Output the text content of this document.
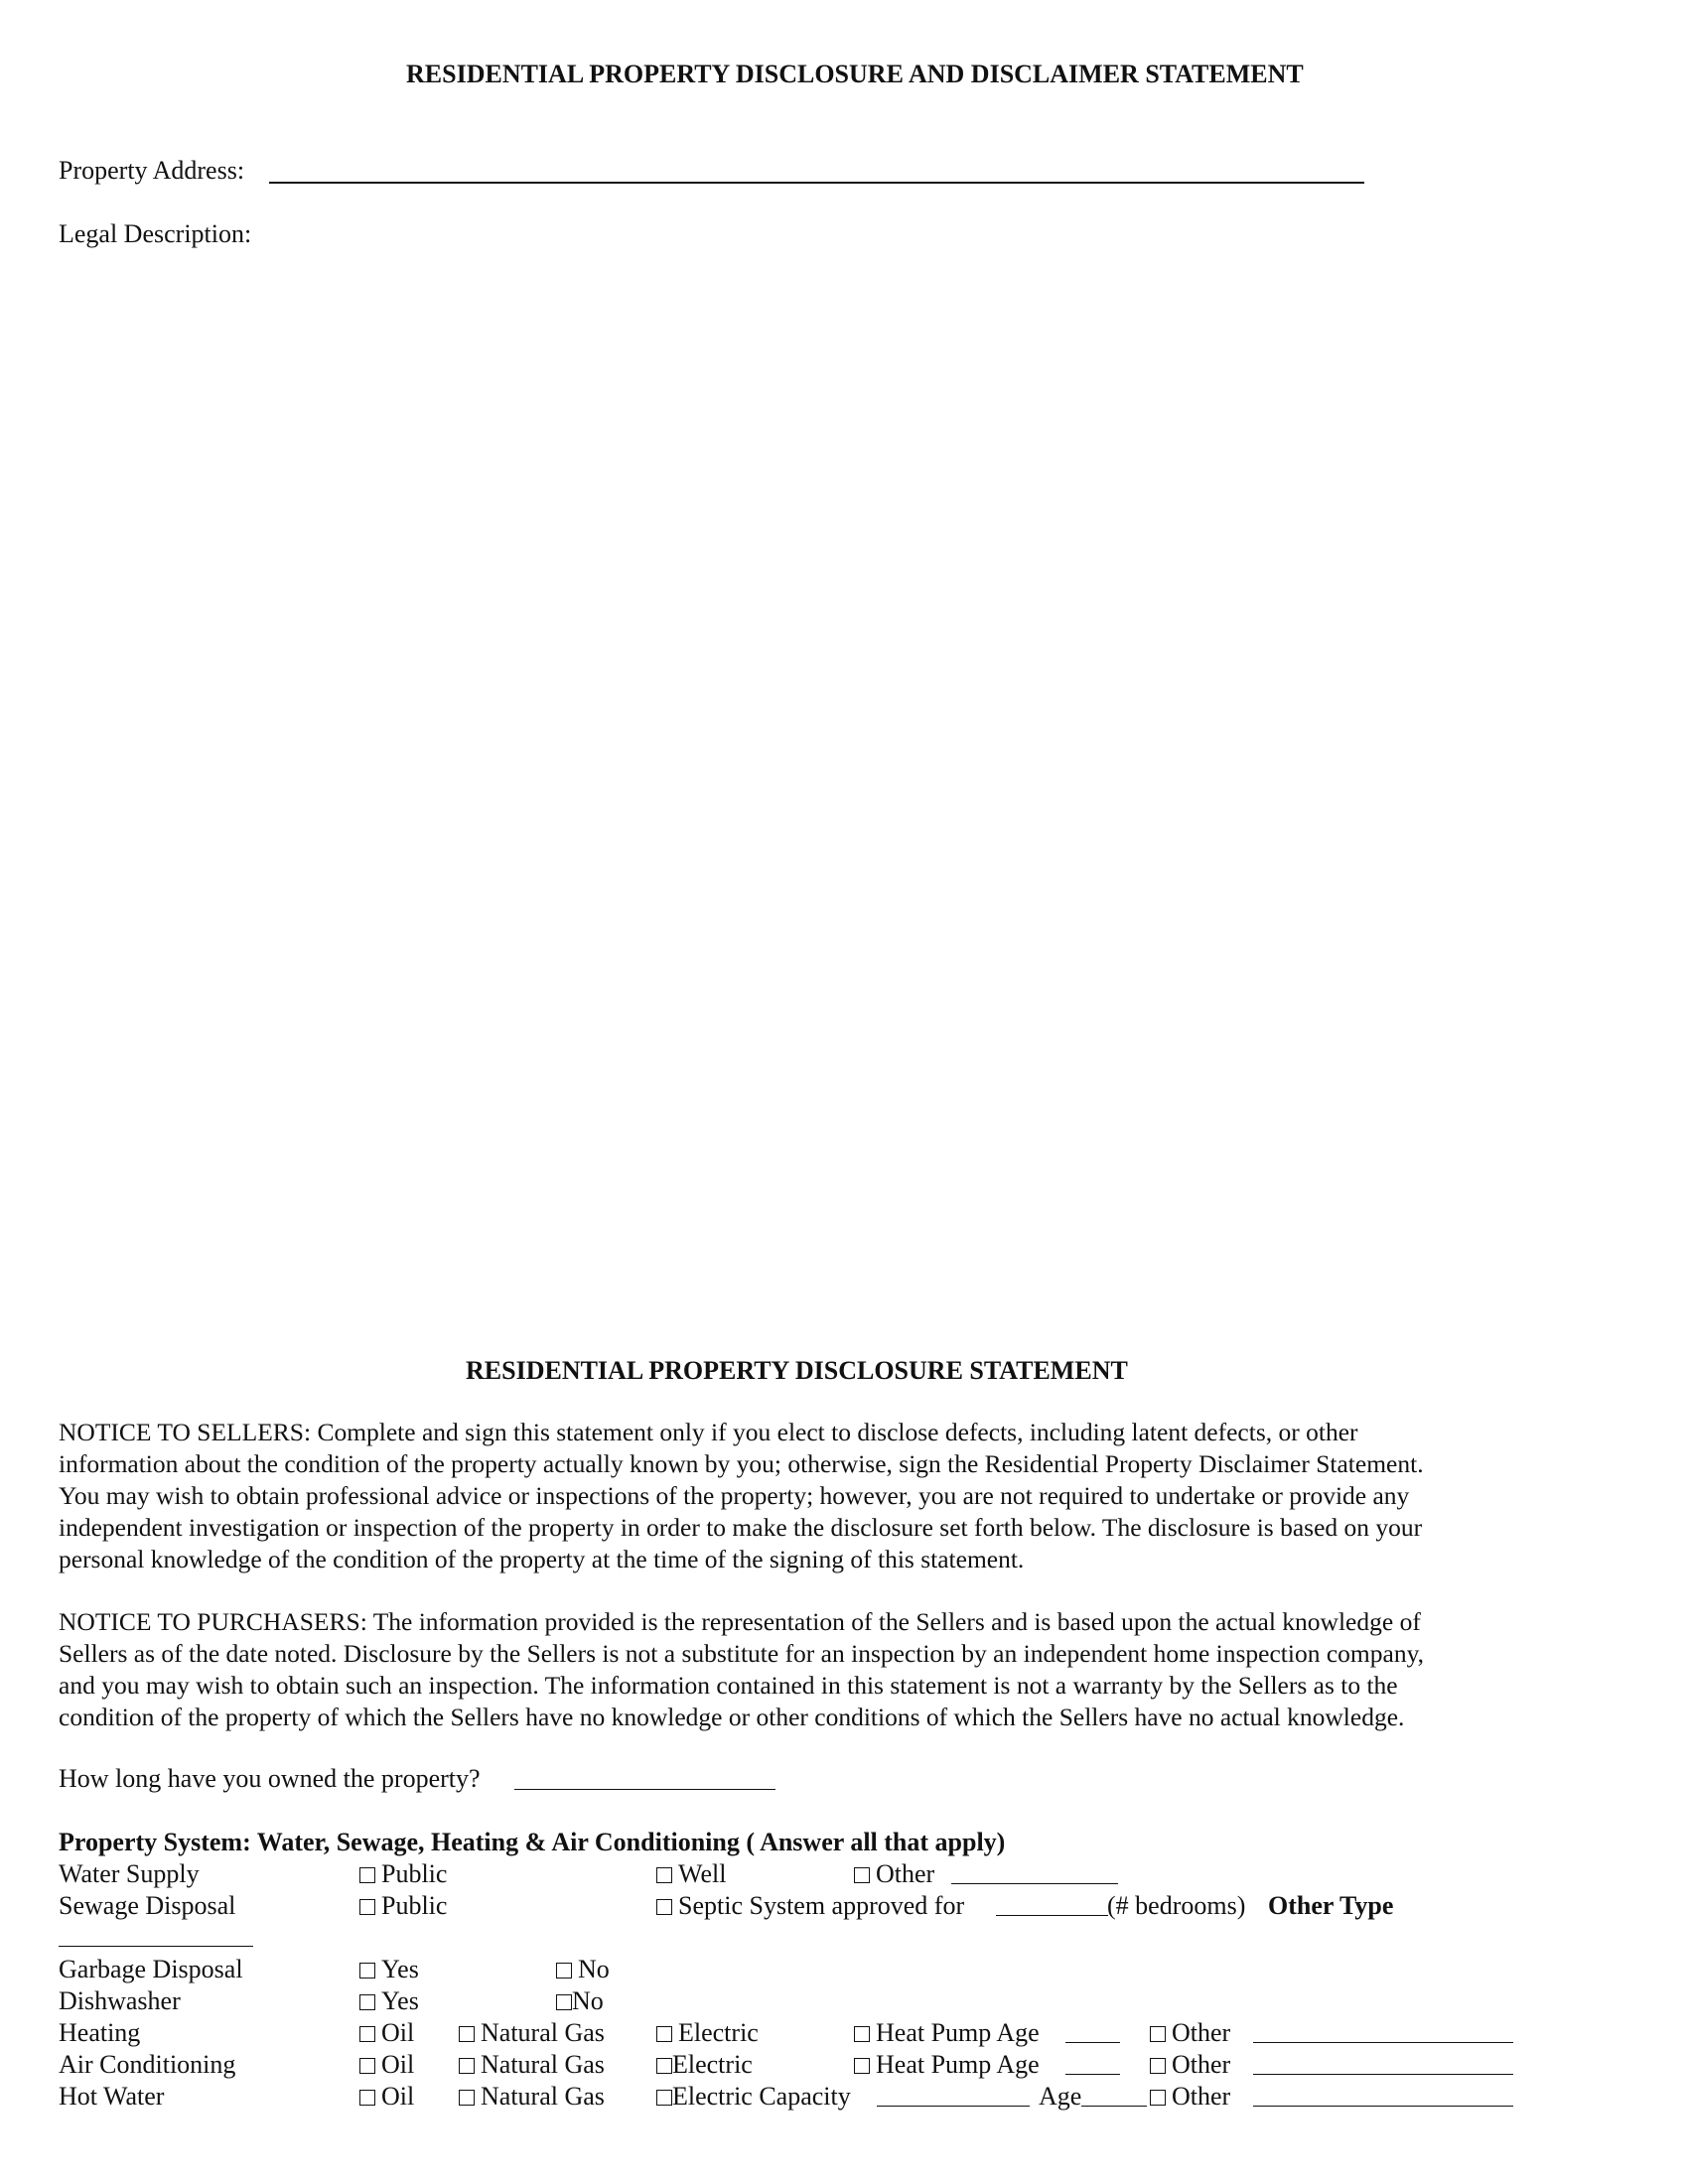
RESIDENTIAL PROPERTY DISCLOSURE AND DISCLAIMER STATEMENT
Property Address:
Legal Description:
RESIDENTIAL PROPERTY DISCLOSURE STATEMENT
NOTICE TO SELLERS: Complete and sign this statement only if you elect to disclose defects, including latent defects, or other
information about the condition of the property actually known by you; otherwise, sign the Residential Property Disclaimer Statement.
You may wish to obtain professional advice or inspections of the property; however, you are not required to undertake or provide any
independent investigation or inspection of the property in order to make the disclosure set forth below. The disclosure is based on your
personal knowledge of the condition of the property at the time of the signing of this statement.
NOTICE TO PURCHASERS: The information provided is the representation of the Sellers and is based upon the actual knowledge of
Sellers as of the date noted. Disclosure by the Sellers is not a substitute for an inspection by an independent home inspection company,
and you may wish to obtain such an inspection. The information contained in this statement is not a warranty by the Sellers as to the
condition of the property of which the Sellers have no knowledge or other conditions of which the Sellers have no actual knowledge.
How long have you owned the property?
Property System: Water, Sewage, Heating & Air Conditioning ( Answer all that apply)
Water Supply	Public	Well	Other
Sewage Disposal	Public	Septic System approved for	(# bedrooms) Other Type
Garbage Disposal	Yes	No
Dishwasher	Yes	No
Heating	Oil	Natural Gas	Electric	Heat Pump Age	Other
Air Conditioning	Oil	Natural Gas	Electric	Heat Pump Age	Other
Hot Water	Oil	Natural Gas	Electric Capacity	Age	Other
